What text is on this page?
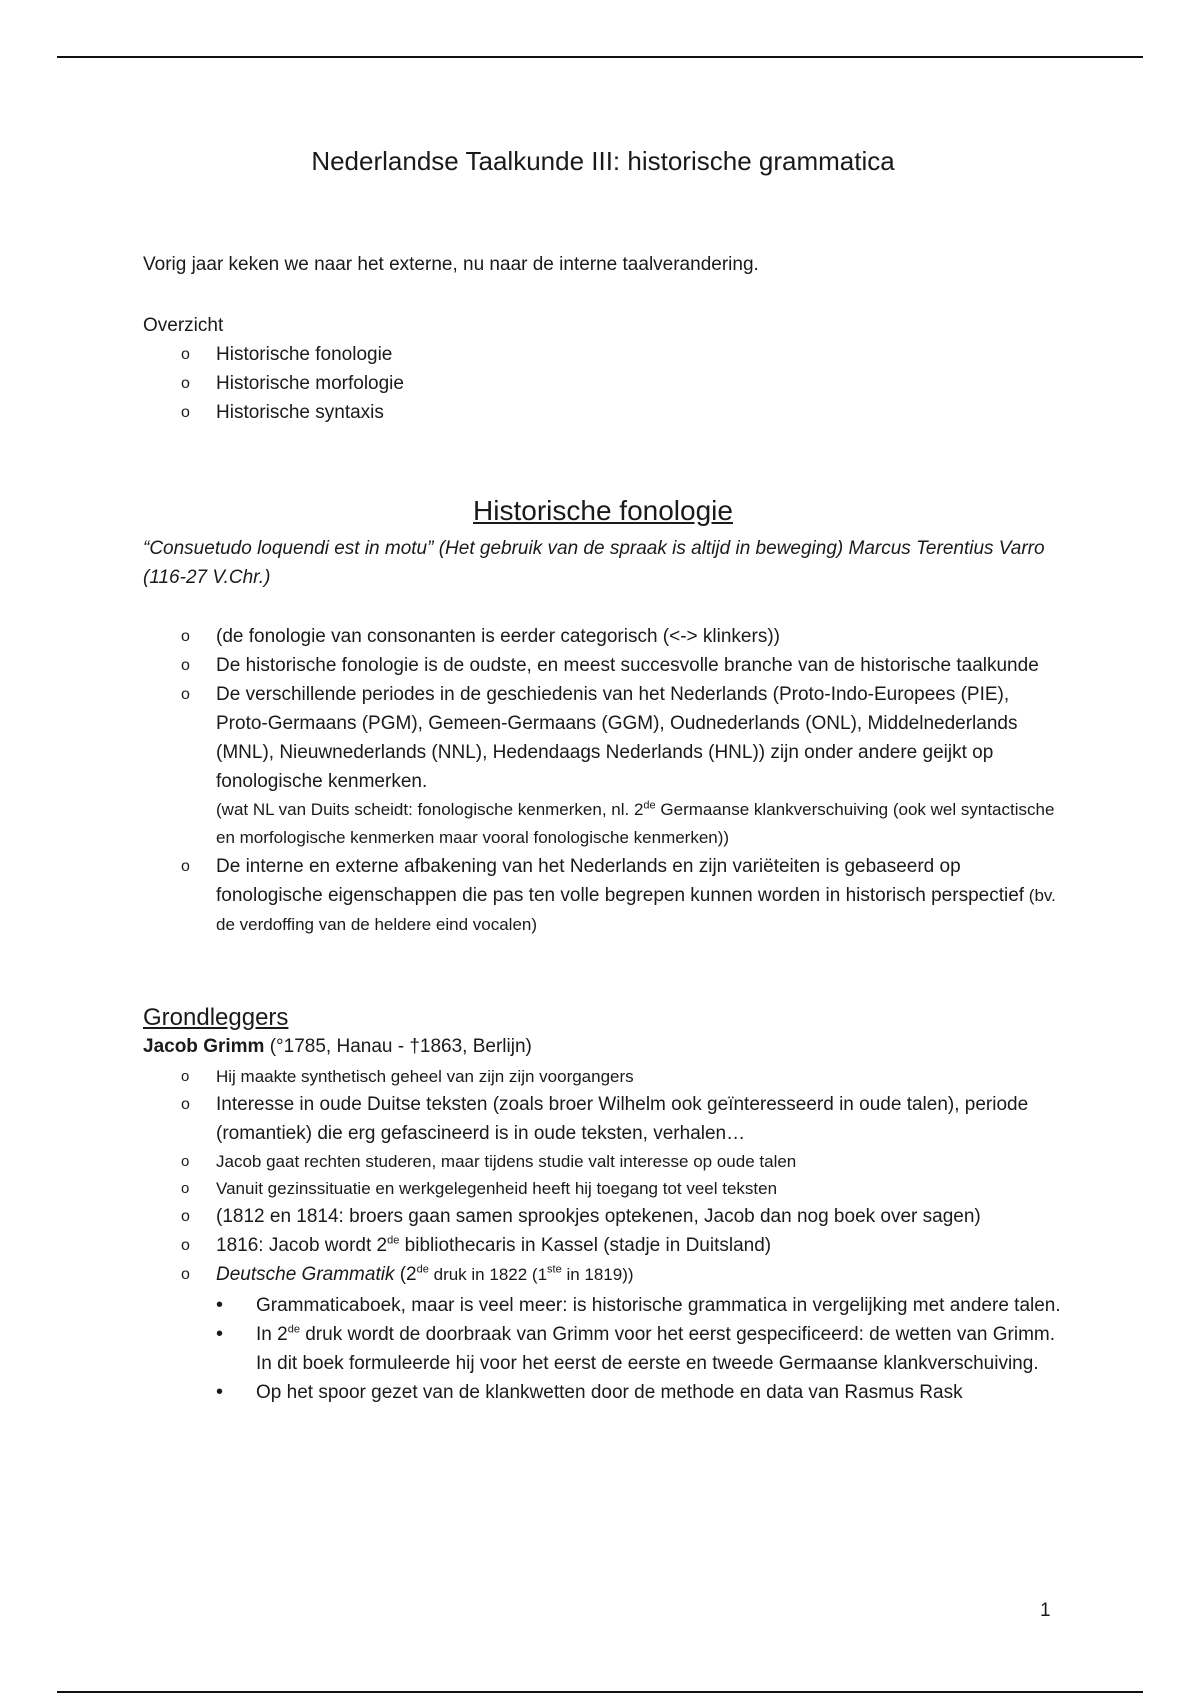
Nederlandse Taalkunde III: historische grammatica

Vorig jaar keken we naar het externe, nu naar de interne taalverandering.

Overzicht

o Historische fonologie
o Historische morfologie
o Historische syntaxis
Historische fonologie

“Consuetudo loquendi est in motu” (Het gebruik van de spraak is altijd in beweging) Marcus Terentius Varro (116-27 V.Chr.)

o (de fonologie van consonanten is eerder categorisch (<-> klinkers))
o De historische fonologie is de oudste, en meest succesvolle branche van de historische taalkunde
o De verschillende periodes in de geschiedenis van het Nederlands (Proto-Indo-Europees (PIE), Proto-Germaans (PGM), Gemeen-Germaans (GGM), Oudnederlands (ONL), Middelnederlands (MNL), Nieuwnederlands (NNL), Hedendaags Nederlands (HNL)) zijn onder andere geijkt op fonologische kenmerken.
(wat NL van Duits scheidt: fonologische kenmerken, nl. 2de Germaanse klankverschuiving (ook wel syntactische en morfologische kenmerken maar vooral fonologische kenmerken))
o De interne en externe afbakening van het Nederlands en zijn variëteiten is gebaseerd op fonologische eigenschappen die pas ten volle begrepen kunnen worden in historisch perspectief (bv. de verdoffing van de heldere eind vocalen)
Grondleggers

Jacob Grimm (°1785, Hanau - †1863, Berlijn)

o Hij maakte synthetisch geheel van zijn zijn voorgangers
o Interesse in oude Duitse teksten (zoals broer Wilhelm ook geïnteresseerd in oude talen), periode (romantiek) die erg gefascineerd is in oude teksten, verhalen…
o Jacob gaat rechten studeren, maar tijdens studie valt interesse op oude talen
o Vanuit gezinssituatie en werkgelegenheid heeft hij toegang tot veel teksten
o (1812 en 1814: broers gaan samen sprookjes optekenen, Jacob dan nog boek over sagen)
o 1816: Jacob wordt 2de bibliothecaris in Kassel (stadje in Duitsland)
o Deutsche Grammatik (2de druk in 1822 (1ste in 1819))
• Grammaticaboek, maar is veel meer: is historische grammatica in vergelijking met andere talen.
• In 2de druk wordt de doorbraak van Grimm voor het eerst gespecificeerd: de wetten van Grimm. In dit boek formuleerde hij voor het eerst de eerste en tweede Germaanse klankverschuiving.
• Op het spoor gezet van de klankwetten door de methode en data van Rasmus Rask

1
